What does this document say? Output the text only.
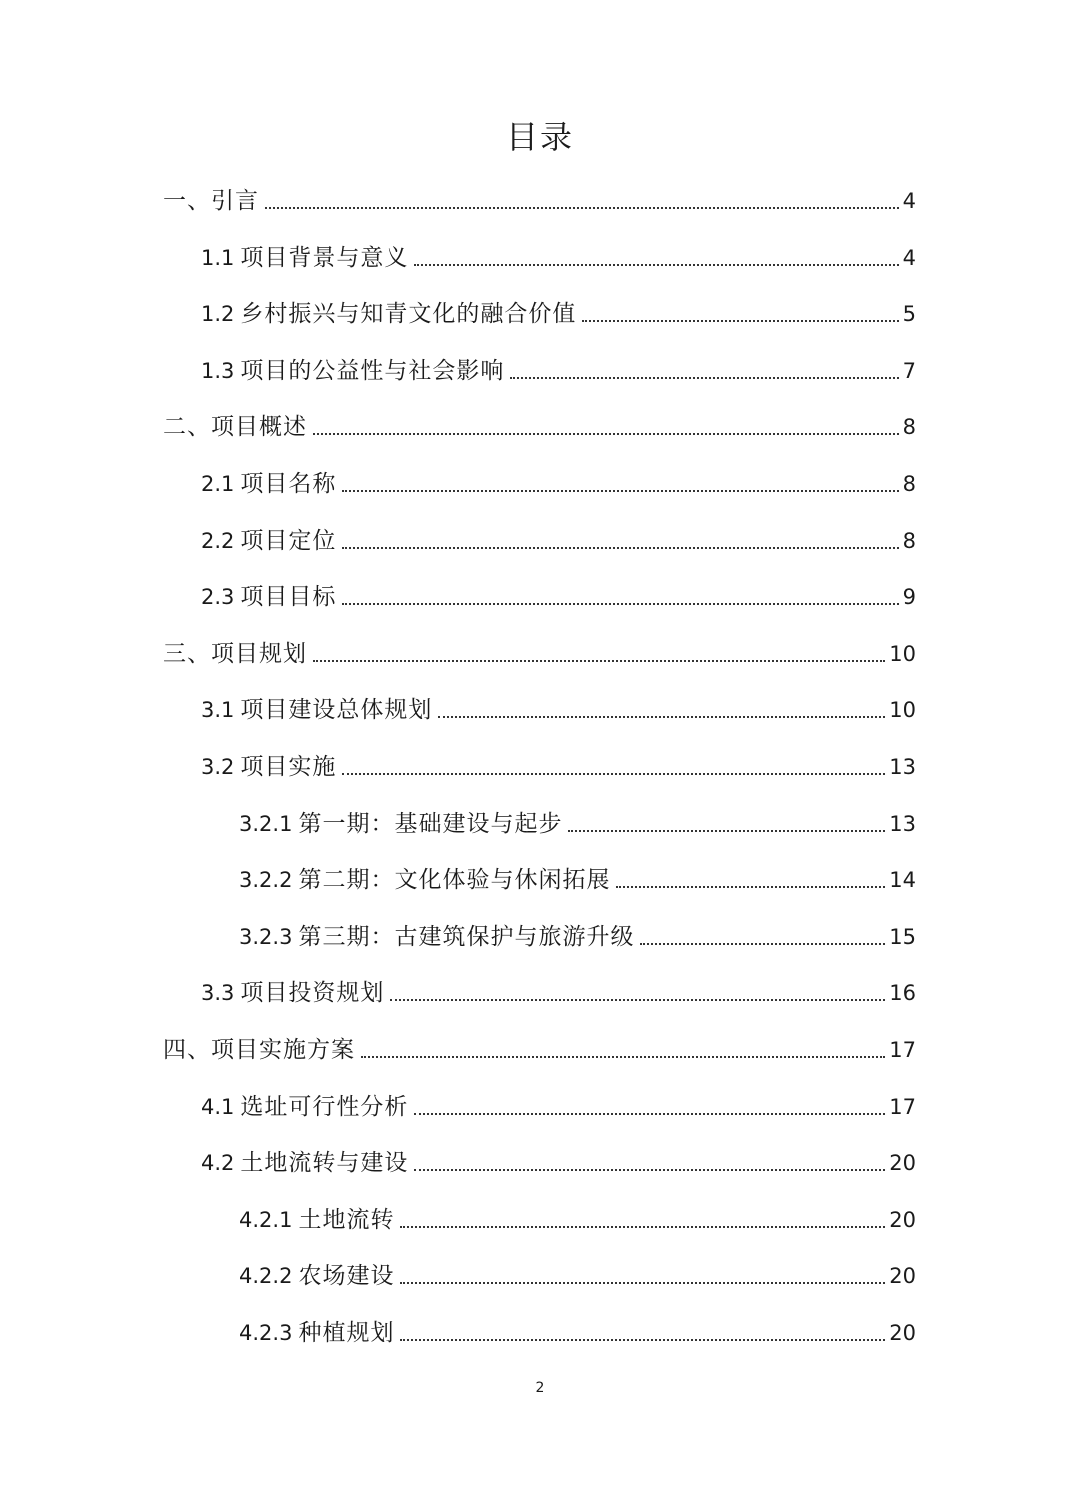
目录
一、引言	4
1.1 项目背景与意义	4
1.2 乡村振兴与知青文化的融合价值	5
1.3 项目的公益性与社会影响	7
二、项目概述	8
2.1 项目名称	8
2.2 项目定位	8
2.3 项目目标	9
三、项目规划	10
3.1 项目建设总体规划	10
3.2 项目实施	13
3.2.1 第一期：基础建设与起步	13
3.2.2 第二期：文化体验与休闲拓展	14
3.2.3 第三期：古建筑保护与旅游升级	15
3.3 项目投资规划	16
四、项目实施方案	17
4.1 选址可行性分析	17
4.2 土地流转与建设	20
4.2.1 土地流转	20
4.2.2 农场建设	20
4.2.3 种植规划	20
2
